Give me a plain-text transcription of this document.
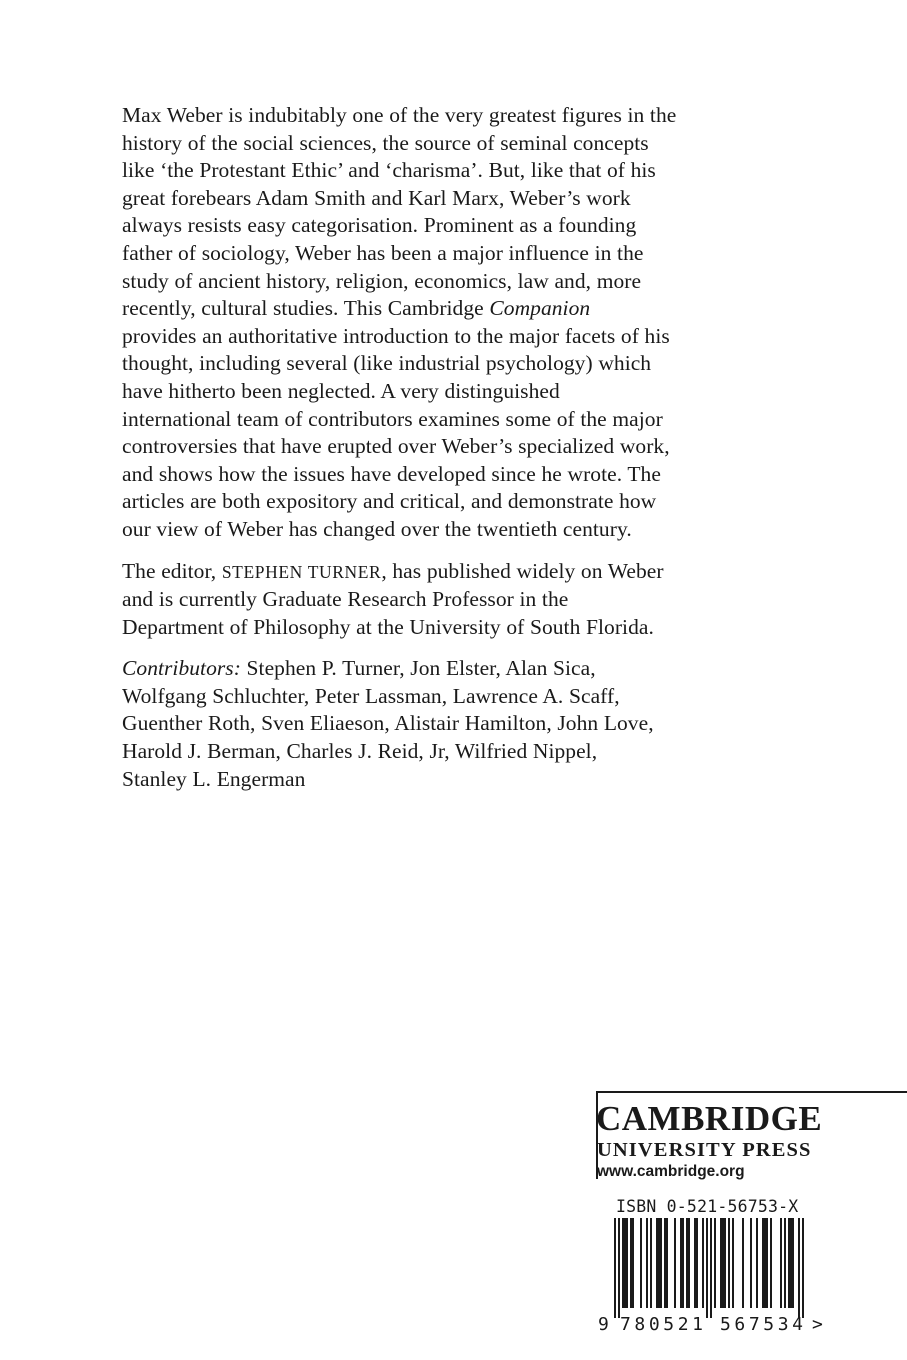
Max Weber is indubitably one of the very greatest figures in the
history of the social sciences, the source of seminal concepts
like ‘the Protestant Ethic’ and ‘charisma’. But, like that of his
great forebears Adam Smith and Karl Marx, Weber’s work
always resists easy categorisation. Prominent as a founding
father of sociology, Weber has been a major influence in the
study of ancient history, religion, economics, law and, more
recently, cultural studies. This Cambridge Companion
provides an authoritative introduction to the major facets of his
thought, including several (like industrial psychology) which
have hitherto been neglected. A very distinguished
international team of contributors examines some of the major
controversies that have erupted over Weber’s specialized work,
and shows how the issues have developed since he wrote. The
articles are both expository and critical, and demonstrate how
our view of Weber has changed over the twentieth century.

The editor, STEPHEN TURNER, has published widely on Weber
and is currently Graduate Research Professor in the
Department of Philosophy at the University of South Florida.

Contributors: Stephen P. Turner, Jon Elster, Alan Sica,
Wolfgang Schluchter, Peter Lassman, Lawrence A. Scaff,
Guenther Roth, Sven Eliaeson, Alistair Hamilton, John Love,
Harold J. Berman, Charles J. Reid, Jr, Wilfried Nippel,
Stanley L. Engerman

CAMBRIDGE
UNIVERSITY PRESS
www.cambridge.org
ISBN 0-521-56753-X
9 780521 567534 >
